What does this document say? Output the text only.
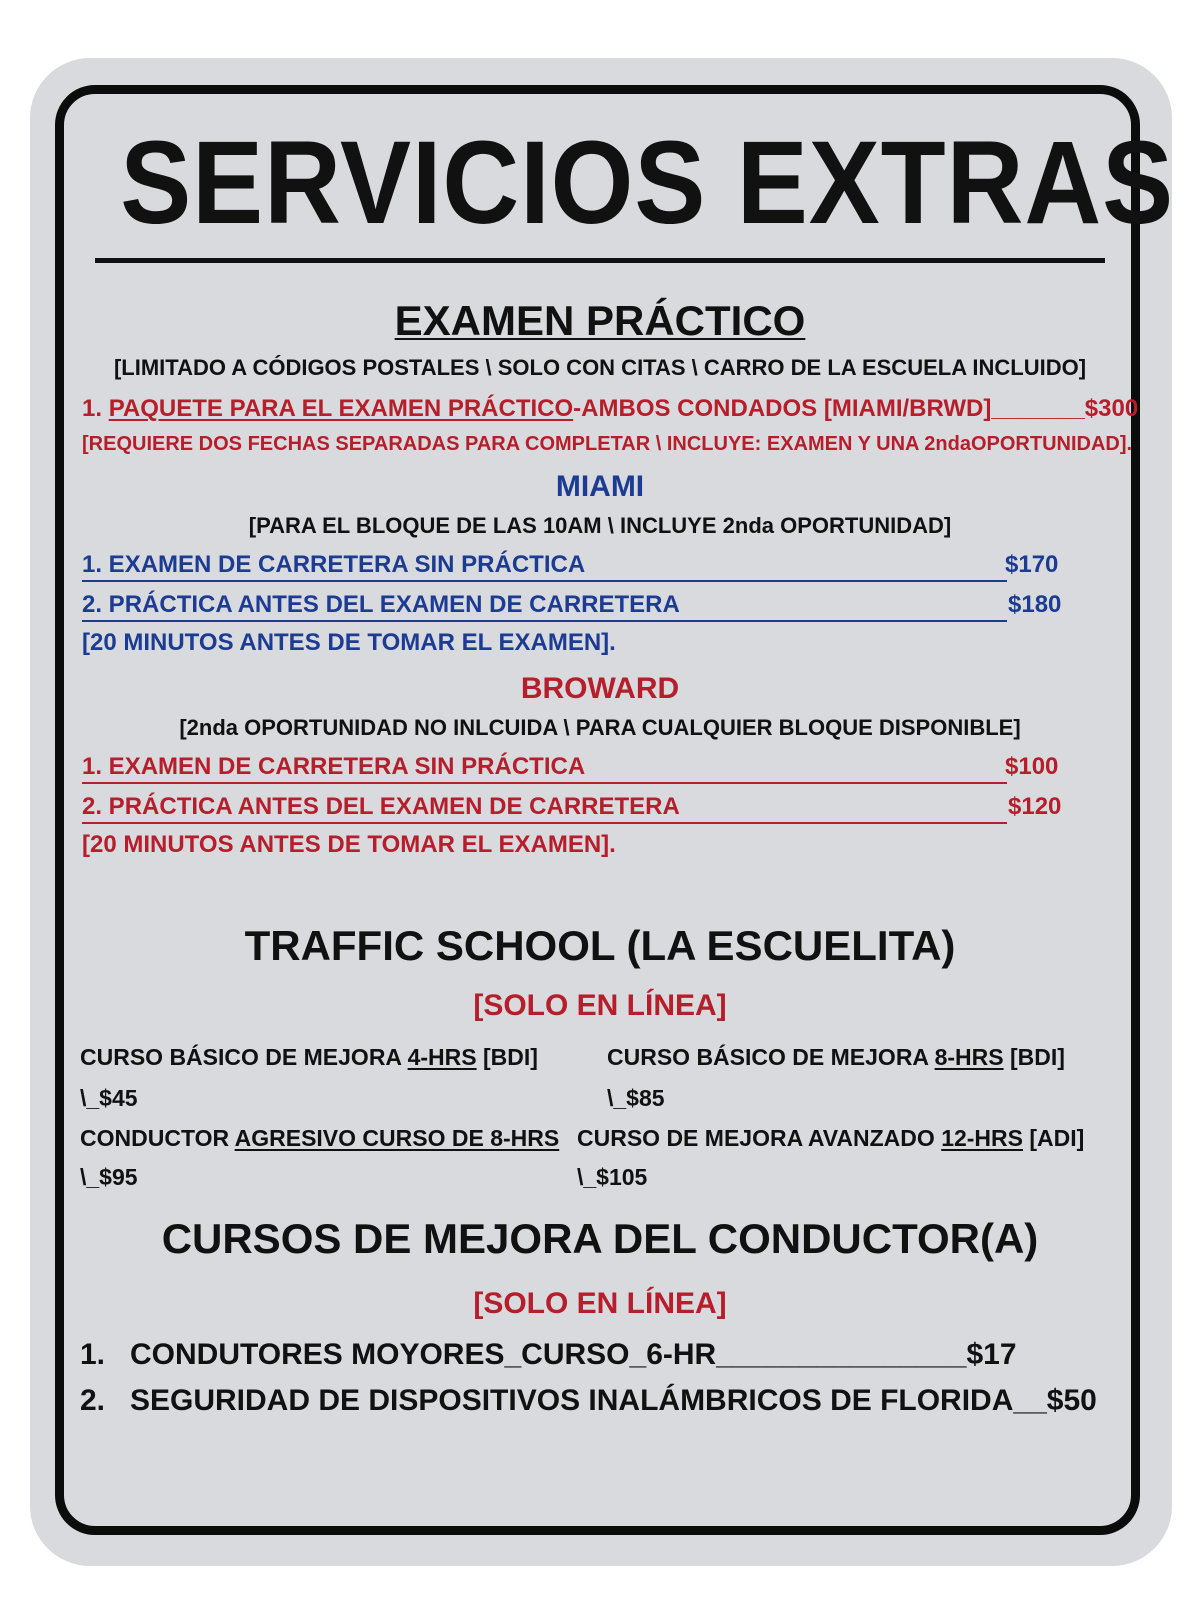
SERVICIOS EXTRAS
EXAMEN PRÁCTICO
[LIMITADO A CÓDIGOS POSTALES \ SOLO CON CITAS \ CARRO DE LA ESCUELA INCLUIDO]
1. PAQUETE PARA EL EXAMEN PRÁCTICO-AMBOS CONDADOS [MIAMI/BRWD]_______$300
[REQUIERE DOS FECHAS SEPARADAS PARA COMPLETAR \ INCLUYE: EXAMEN Y UNA 2ndaOPORTUNIDAD].
MIAMI
[PARA EL BLOQUE DE LAS 10AM \ INCLUYE 2nda OPORTUNIDAD]
1. EXAMEN DE CARRETERA SIN PRÁCTICA	$170
2. PRÁCTICA ANTES DEL EXAMEN DE CARRETERA	$180
[20 MINUTOS ANTES DE TOMAR EL EXAMEN].
BROWARD
[2nda OPORTUNIDAD NO INLCUIDA \ PARA CUALQUIER BLOQUE DISPONIBLE]
1. EXAMEN DE CARRETERA SIN PRÁCTICA	$100
2. PRÁCTICA ANTES DEL EXAMEN DE CARRETERA	$120
[20 MINUTOS ANTES DE TOMAR EL EXAMEN].
TRAFFIC SCHOOL (LA ESCUELITA)
[SOLO EN LÍNEA]
CURSO BÁSICO DE MEJORA 4-HRS [BDI]
\_$45
CURSO BÁSICO DE MEJORA 8-HRS [BDI]
\_$85
CONDUCTOR AGRESIVO CURSO DE 8-HRS
\_$95
CURSO DE MEJORA AVANZADO 12-HRS [ADI]
\_$105
CURSOS DE MEJORA DEL CONDUCTOR(A)
[SOLO EN LÍNEA]
1. CONDUTORES MOYORES_CURSO_6-HR_______________$17
2. SEGURIDAD DE DISPOSITIVOS INALÁMBRICOS DE FLORIDA__$50
